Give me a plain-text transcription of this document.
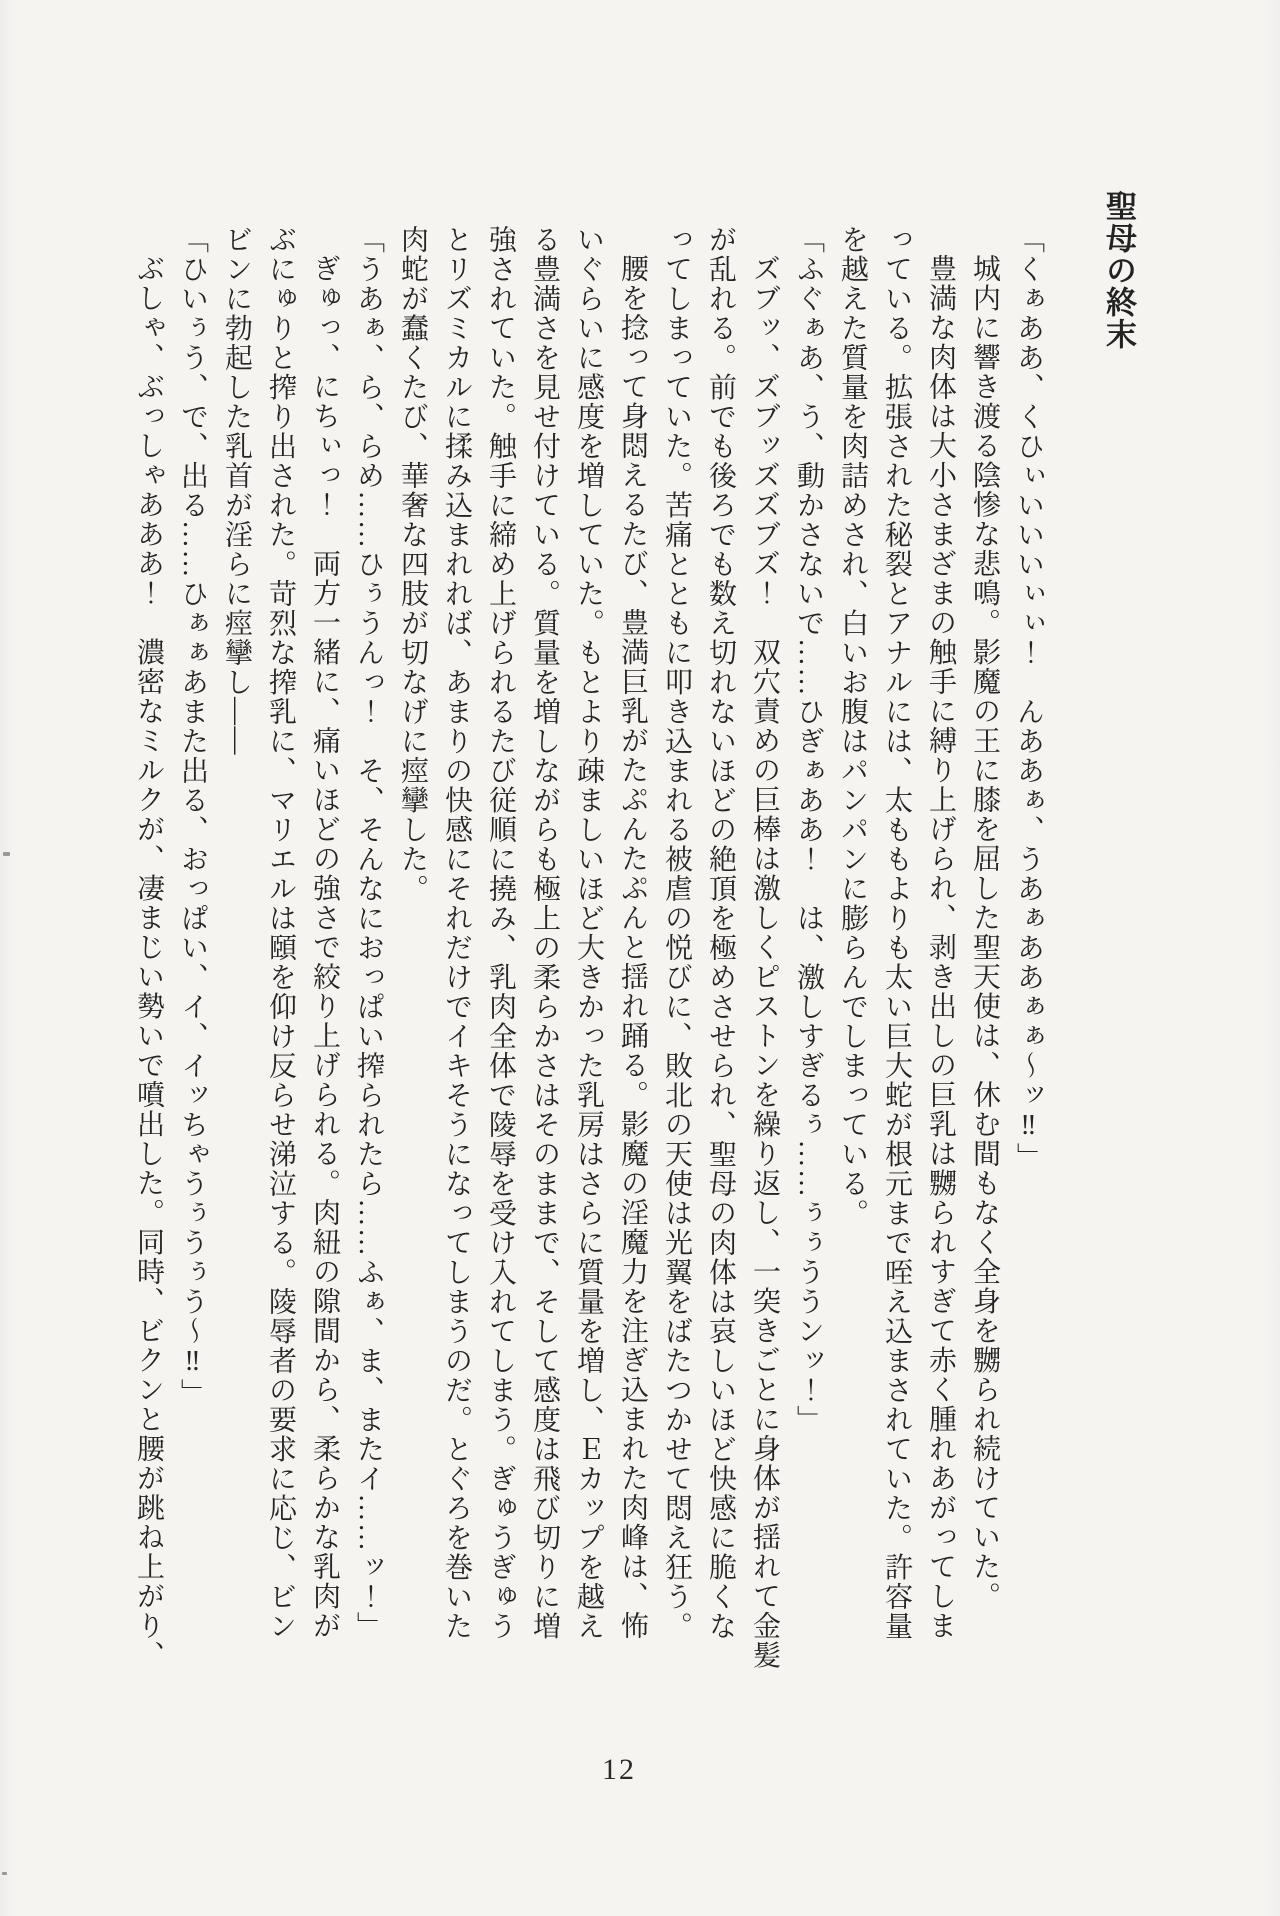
聖母の終末
「くぁああ、くひぃいいいぃぃ！　んああぁ、うあぁああぁぁ～ッ‼」
城内に響き渡る陰惨な悲鳴。影魔の王に膝を屈した聖天使は、休む間もなく全身を嬲られ続けていた。
豊満な肉体は大小さまざまの触手に縛り上げられ、剥き出しの巨乳は嬲られすぎて赤く腫れあがってしま
っている。拡張された秘裂とアナルには、太ももよりも太い巨大蛇が根元まで咥え込まされていた。許容量
を越えた質量を肉詰めされ、白いお腹はパンパンに膨らんでしまっている。
「ふぐぁあ、う、動かさないで……ひぎぁああ！　は、激しすぎるぅ……ぅぅううンッ！」
ズブッ、ズブッズズブズ！　双穴責めの巨棒は激しくピストンを繰り返し、一突きごとに身体が揺れて金髪
が乱れる。前でも後ろでも数え切れないほどの絶頂を極めさせられ、聖母の肉体は哀しいほど快感に脆くな
ってしまっていた。苦痛とともに叩き込まれる被虐の悦びに、敗北の天使は光翼をばたつかせて悶え狂う。
腰を捻って身悶えるたび、豊満巨乳がたぷんたぷんと揺れ踊る。影魔の淫魔力を注ぎ込まれた肉峰は、怖
いぐらいに感度を増していた。もとより疎ましいほど大きかった乳房はさらに質量を増し、Ｅカップを越え
る豊満さを見せ付けている。質量を増しながらも極上の柔らかさはそのままで、そして感度は飛び切りに増
強されていた。触手に締め上げられるたび従順に撓み、乳肉全体で陵辱を受け入れてしまう。ぎゅうぎゅう
とリズミカルに揉み込まれれば、あまりの快感にそれだけでイキそうになってしまうのだ。とぐろを巻いた
肉蛇が蠢くたび、華奢な四肢が切なげに痙攣した。
「うあぁ、ら、らめ……ひぅうんっ！　そ、そんなにおっぱい搾られたら……ふぁ、ま、またイ……ッ！」
ぎゅっ、にちぃっ！　両方一緒に、痛いほどの強さで絞り上げられる。肉紐の隙間から、柔らかな乳肉が
ぶにゅりと搾り出された。苛烈な搾乳に、マリエルは頤を仰け反らせ涕泣する。陵辱者の要求に応じ、ビン
ビンに勃起した乳首が淫らに痙攣し――
「ひいぅう、で、出る……ひぁぁあまた出る、おっぱい、イ、イッちゃうぅうぅう～‼」
ぶしゃ、ぶっしゃあああ！　濃密なミルクが、凄まじい勢いで噴出した。同時、ビクンと腰が跳ね上がり、
12
